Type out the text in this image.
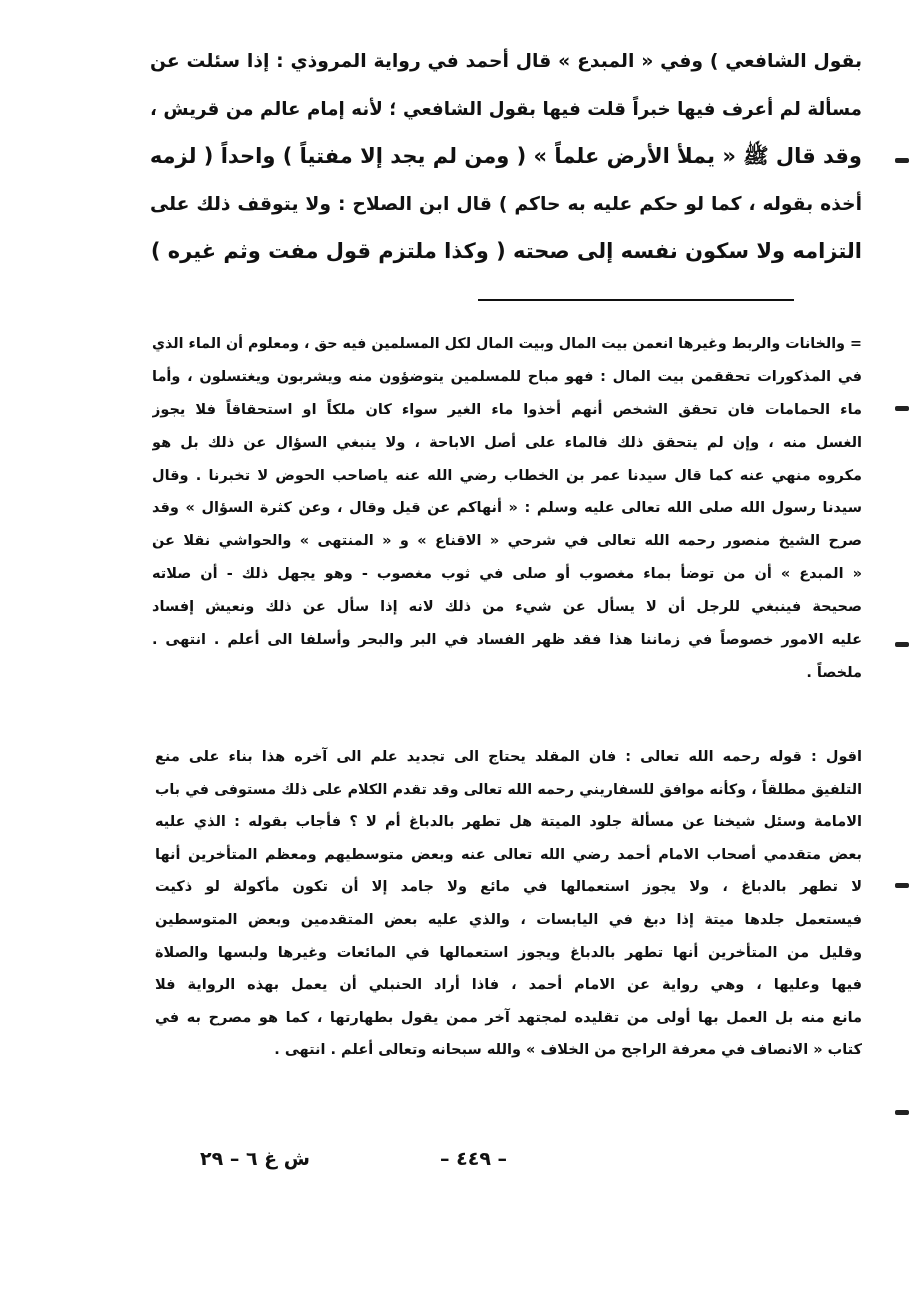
بقول الشافعي ) وفي « المبدع » قال أحمد في رواية المروذي : إذا سئلت عن
مسألة لم أعرف فيها خبراً قلت فيها بقول الشافعي ؛ لأنه إمام عالم من قريش ،
وقد قال ﷺ « يملأ الأرض علماً » ( ومن لم يجد إلا مفتياً ) واحداً ( لزمه
أخذه بقوله ، كما لو حكم عليه به حاكم ) قال ابن الصلاح : ولا يتوقف ذلك على
التزامه ولا سكون نفسه إلى صحته ( وكذا ملتزم قول مفت وثم غيره )
= والخانات والربط وغيرها انعمن بيت المال وبيت المال لكل المسلمين فيه حق ، ومعلوم أن الماء الذي
في المذكورات تحققمن بيت المال : فهو مباح للمسلمين يتوضؤون منه ويشربون ويغتسلون ، وأما
ماء الحمامات فان تحقق الشخص أنهم أخذوا ماء الغير سواء كان ملكاً او استحقاقاً فلا يجوز
الغسل منه ، وإن لم يتحقق ذلك فالماء على أصل الاباحة ، ولا ينبغي السؤال عن ذلك بل هو
مكروه منهي عنه كما قال سيدنا عمر بن الخطاب رضي الله عنه ياصاحب الحوض لا تخبرنا . وقال
سيدنا رسول الله صلى الله تعالى عليه وسلم : « أنهاكم عن قيل وقال ، وعن كثرة السؤال » وقد
صرح الشيخ منصور رحمه الله تعالى في شرحي « الاقناع » و « المنتهى » والحواشي نقلا عن
« المبدع » أن من توضأ بماء مغصوب أو صلى في ثوب مغصوب - وهو يجهل ذلك - أن صلاته
صحيحة فينبغي للرجل أن لا يسأل عن شيء من ذلك لانه إذا سأل عن ذلك ونعيش إفساد
عليه الامور خصوصاً في زماننا هذا فقد ظهر الفساد في البر والبحر وأسلفا الى أعلم . انتهى .
ملخصاً .
اقول : قوله رحمه الله تعالى : فان المقلد يحتاج الى تجديد علم الى آخره هذا بناء على منع
التلفيق مطلقاً ، وكأنه موافق للسفاريني رحمه الله تعالى وقد تقدم الكلام على ذلك مستوفى في باب
الامامة وسئل شيخنا عن مسألة جلود الميتة هل تطهر بالدباغ أم لا ؟ فأجاب بقوله : الذي عليه
بعض متقدمي أصحاب الامام أحمد رضي الله تعالى عنه وبعض متوسطيهم ومعظم المتأخرين أنها
لا تطهر بالدباغ ، ولا يجوز استعمالها في مائع ولا جامد إلا أن تكون مأكولة لو ذكيت
فيستعمل جلدها ميتة إذا دبغ في اليابسات ، والذي عليه بعض المتقدمين وبعض المتوسطين
وقليل من المتأخرين أنها تطهر بالدباغ ويجوز استعمالها في المائعات وغيرها ولبسها والصلاة
فيها وعليها ، وهي رواية عن الامام أحمد ، فاذا أراد الحنبلي أن يعمل بهذه الرواية فلا
مانع منه بل العمل بها أولى من تقليده لمجتهد آخر ممن يقول بطهارتها ، كما هو مصرح به في
كتاب « الانصاف في معرفة الراجح من الخلاف » والله سبحانه وتعالى أعلم . انتهى .
– ٤٤٩ –
ش غ ٦ – ٢٩
